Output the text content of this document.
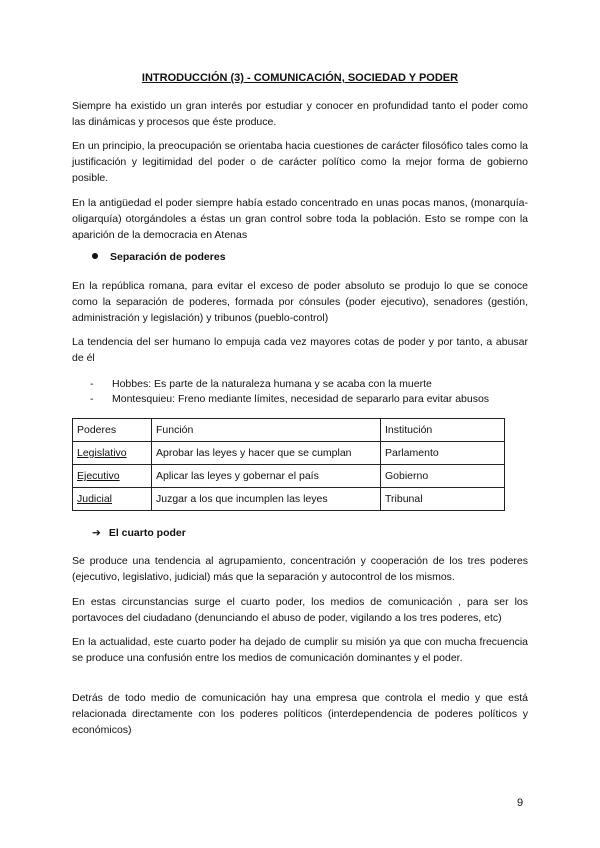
INTRODUCCIÓN (3) - COMUNICACIÓN, SOCIEDAD Y PODER

Siempre ha existido un gran interés por estudiar y conocer en profundidad tanto el poder como las dinámicas y procesos que éste produce.

En un principio, la preocupación se orientaba hacia cuestiones de carácter filosófico tales como la justificación y legitimidad del poder o de carácter político como la mejor forma de gobierno posible.

En la antigüedad el poder siempre había estado concentrado en unas pocas manos, (monarquía-oligarquía) otorgándoles a éstas un gran control sobre toda la población. Esto se rompe con la aparición de la democracia en Atenas

Separación de poderes

En la república romana, para evitar el exceso de poder absoluto se produjo lo que se conoce como la separación de poderes, formada por cónsules (poder ejecutivo), senadores (gestión, administración y legislación) y tribunos (pueblo-control)

La tendencia del ser humano lo empuja cada vez mayores cotas de poder y por tanto, a abusar de él

- Hobbes: Es parte de la naturaleza humana y se acaba con la muerte
- Montesquieu: Freno mediante límites, necesidad de separarlo para evitar abusos
Poderes	Función	Institución
Legislativo	Aprobar las leyes y hacer que se cumplan	Parlamento
Ejecutivo	Aplicar las leyes y gobernar el país	Gobierno
Judicial	Juzgar a los que incumplen las leyes	Tribunal
➔ El cuarto poder

Se produce una tendencia al agrupamiento, concentración y cooperación de los tres poderes (ejecutivo, legislativo, judicial) más que la separación y autocontrol de los mismos.

En estas circunstancias surge el cuarto poder, los medios de comunicación , para ser los portavoces del ciudadano (denunciando el abuso de poder, vigilando a los tres poderes, etc)

En la actualidad, este cuarto poder ha dejado de cumplir su misión ya que con mucha frecuencia se produce una confusión entre los medios de comunicación dominantes y el poder.

Detrás de todo medio de comunicación hay una empresa que controla el medio y que está relacionada directamente con los poderes políticos (interdependencia de poderes políticos y económicos)

9
